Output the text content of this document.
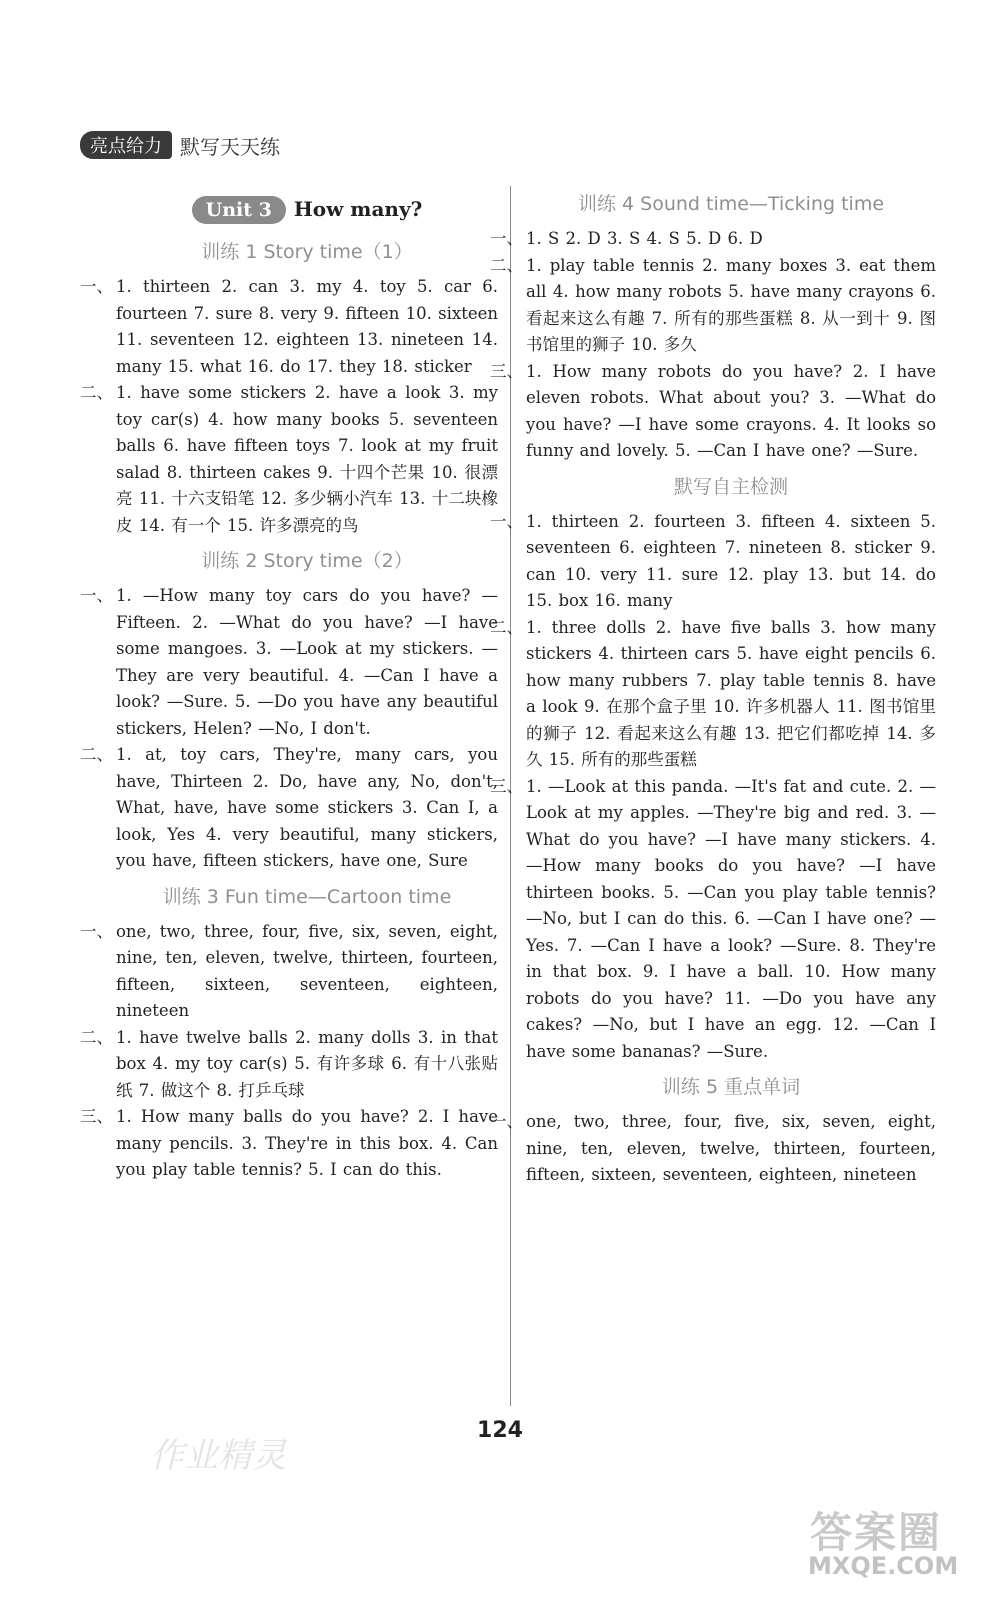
亮点给力 默写天天练
Unit 3 How many?
训练 1 Story time（1）
一、 1. thirteen 2. can 3. my 4. toy 5. car 6. fourteen 7. sure 8. very 9. fifteen 10. sixteen 11. seventeen 12. eighteen 13. nineteen 14. many 15. what 16. do 17. they 18. sticker
二、 1. have some stickers 2. have a look 3. my toy car(s) 4. how many books 5. seventeen balls 6. have fifteen toys 7. look at my fruit salad 8. thirteen cakes 9. 十四个芒果 10. 很漂亮 11. 十六支铅笔 12. 多少辆小汽车 13. 十二块橡皮 14. 有一个 15. 许多漂亮的鸟
训练 2 Story time（2）
一、 1. —How many toy cars do you have? —Fifteen. 2. —What do you have? —I have some mangoes. 3. —Look at my stickers. —They are very beautiful. 4. —Can I have a look? —Sure. 5. —Do you have any beautiful stickers, Helen? —No, I don't.
二、 1. at, toy cars, They're, many cars, you have, Thirteen 2. Do, have any, No, don't, What, have, have some stickers 3. Can I, a look, Yes 4. very beautiful, many stickers, you have, fifteen stickers, have one, Sure
训练 3 Fun time—Cartoon time
一、 one, two, three, four, five, six, seven, eight, nine, ten, eleven, twelve, thirteen, fourteen, fifteen, sixteen, seventeen, eighteen, nineteen
二、 1. have twelve balls 2. many dolls 3. in that box 4. my toy car(s) 5. 有许多球 6. 有十八张贴纸 7. 做这个 8. 打乒乓球
三、 1. How many balls do you have? 2. I have many pencils. 3. They're in this box. 4. Can you play table tennis? 5. I can do this.
训练 4 Sound time—Ticking time
一、 1. S 2. D 3. S 4. S 5. D 6. D
二、 1. play table tennis 2. many boxes 3. eat them all 4. how many robots 5. have many crayons 6. 看起来这么有趣 7. 所有的那些蛋糕 8. 从一到十 9. 图书馆里的狮子 10. 多久
三、 1. How many robots do you have? 2. I have eleven robots. What about you? 3. —What do you have? —I have some crayons. 4. It looks so funny and lovely. 5. —Can I have one? —Sure.
默写自主检测
一、 1. thirteen 2. fourteen 3. fifteen 4. sixteen 5. seventeen 6. eighteen 7. nineteen 8. sticker 9. can 10. very 11. sure 12. play 13. but 14. do 15. box 16. many
二、 1. three dolls 2. have five balls 3. how many stickers 4. thirteen cars 5. have eight pencils 6. how many rubbers 7. play table tennis 8. have a look 9. 在那个盒子里 10. 许多机器人 11. 图书馆里的狮子 12. 看起来这么有趣 13. 把它们都吃掉 14. 多久 15. 所有的那些蛋糕
三、 1. —Look at this panda. —It's fat and cute. 2. —Look at my apples. —They're big and red. 3. —What do you have? —I have many stickers. 4. —How many books do you have? —I have thirteen books. 5. —Can you play table tennis? —No, but I can do this. 6. —Can I have one? —Yes. 7. —Can I have a look? —Sure. 8. They're in that box. 9. I have a ball. 10. How many robots do you have? 11. —Do you have any cakes? —No, but I have an egg. 12. —Can I have some bananas? —Sure.
训练 5 重点单词
一、 one, two, three, four, five, six, seven, eight, nine, ten, eleven, twelve, thirteen, fourteen, fifteen, sixteen, seventeen, eighteen, nineteen
124
作业精灵
答案圈
MXQE.COM
